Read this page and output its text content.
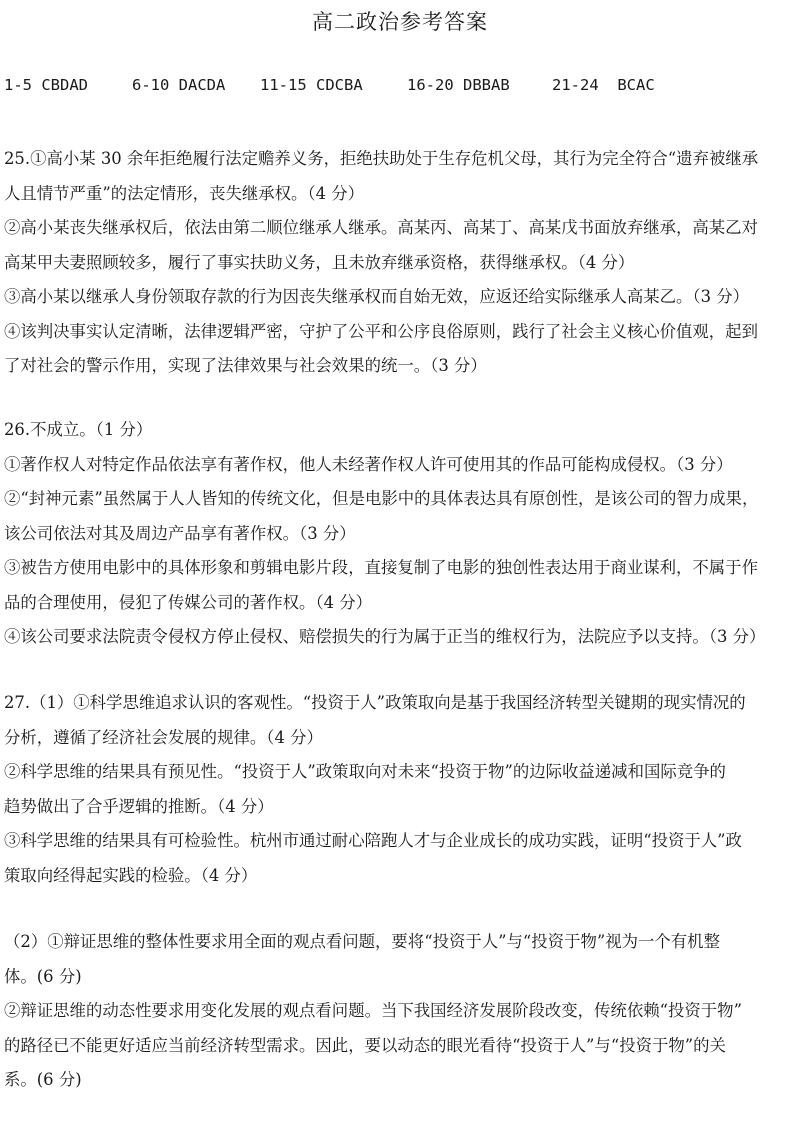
高二政治参考答案

1-5 CBDAD

	6-10 DACDA

11-15 CDCBA

	16-20 DBBAB

	21-24  BCAC

25.①高小某 30 余年拒绝履行法定赡养义务，拒绝扶助处于生存危机父母，其行为完全符合“遗弃被继承
人且情节严重”的法定情形，丧失继承权。（4 分）
②高小某丧失继承权后，依法由第二顺位继承人继承。高某丙、高某丁、高某戊书面放弃继承，高某乙对
高某甲夫妻照顾较多，履行了事实扶助义务，且未放弃继承资格，获得继承权。（4 分）
③高小某以继承人身份领取存款的行为因丧失继承权而自始无效，应返还给实际继承人高某乙。（3 分）
④该判决事实认定清晰，法律逻辑严密，守护了公平和公序良俗原则，践行了社会主义核心价值观，起到
了对社会的警示作用，实现了法律效果与社会效果的统一。（3 分）
26.不成立。（1 分）
①著作权人对特定作品依法享有著作权，他人未经著作权人许可使用其的作品可能构成侵权。（3 分）
②“封神元素”虽然属于人人皆知的传统文化，但是电影中的具体表达具有原创性，是该公司的智力成果，
该公司依法对其及周边产品享有著作权。（3 分）
③被告方使用电影中的具体形象和剪辑电影片段，直接复制了电影的独创性表达用于商业谋利，不属于作
品的合理使用，侵犯了传媒公司的著作权。（4 分）
④该公司要求法院责令侵权方停止侵权、赔偿损失的行为属于正当的维权行为，法院应予以支持。（3 分）
27.（1）①科学思维追求认识的客观性。“投资于人”政策取向是基于我国经济转型关键期的现实情况的
分析，遵循了经济社会发展的规律。（4 分）
②科学思维的结果具有预见性。“投资于人”政策取向对未来“投资于物”的边际收益递减和国际竞争的
趋势做出了合乎逻辑的推断。（4 分）
③科学思维的结果具有可检验性。杭州市通过耐心陪跑人才与企业成长的成功实践，证明“投资于人”政
策取向经得起实践的检验。（4 分）
（2）①辩证思维的整体性要求用全面的观点看问题，要将“投资于人”与“投资于物”视为一个有机整
体。(6 分)
②辩证思维的动态性要求用变化发展的观点看问题。当下我国经济发展阶段改变，传统依赖“投资于物”
的路径已不能更好适应当前经济转型需求。因此，要以动态的眼光看待“投资于人”与“投资于物”的关
系。(6 分)
